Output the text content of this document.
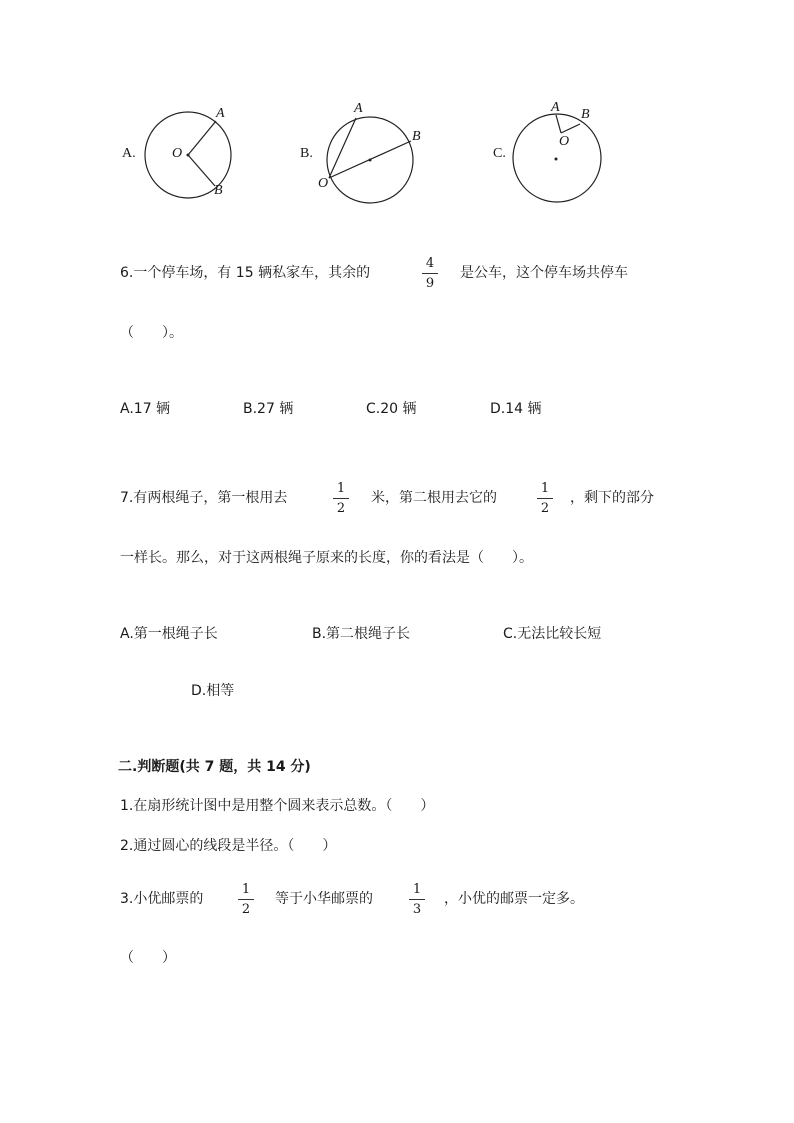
A.	O
A
B
B.
O
A
B
C.
A B
O
6.一个停车场，有 15 辆私家车，其余的
4
9
是公车，这个停车场共停车
（　　）。
A.17 辆	B.27 辆	C.20 辆	D.14 辆
7.有两根绳子，第一根用去
1
2
米，第二根用去它的
1
2
，剩下的部分
一样长。那么，对于这两根绳子原来的长度，你的看法是（　　）。
A.第一根绳子长	B.第二根绳子长	C.无法比较长短
D.相等
二.判断题(共 7 题，共 14 分)
1.在扇形统计图中是用整个圆来表示总数。（　　）
2.通过圆心的线段是半径。（　　）
3.小优邮票的
1
2
等于小华邮票的
1
3
，小优的邮票一定多。
（　　）
